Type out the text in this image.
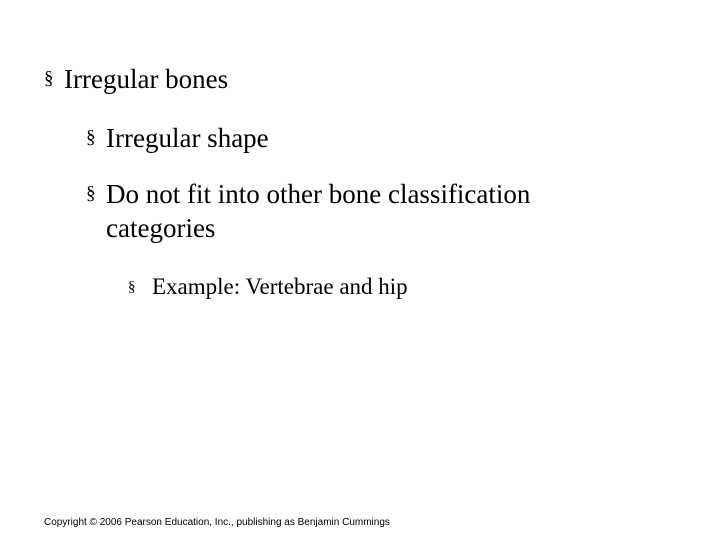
§ Irregular bones
§ Irregular shape
§ Do not fit into other bone classification categories
§ Example: Vertebrae and hip
Copyright © 2006 Pearson Education, Inc., publishing as Benjamin Cummings
